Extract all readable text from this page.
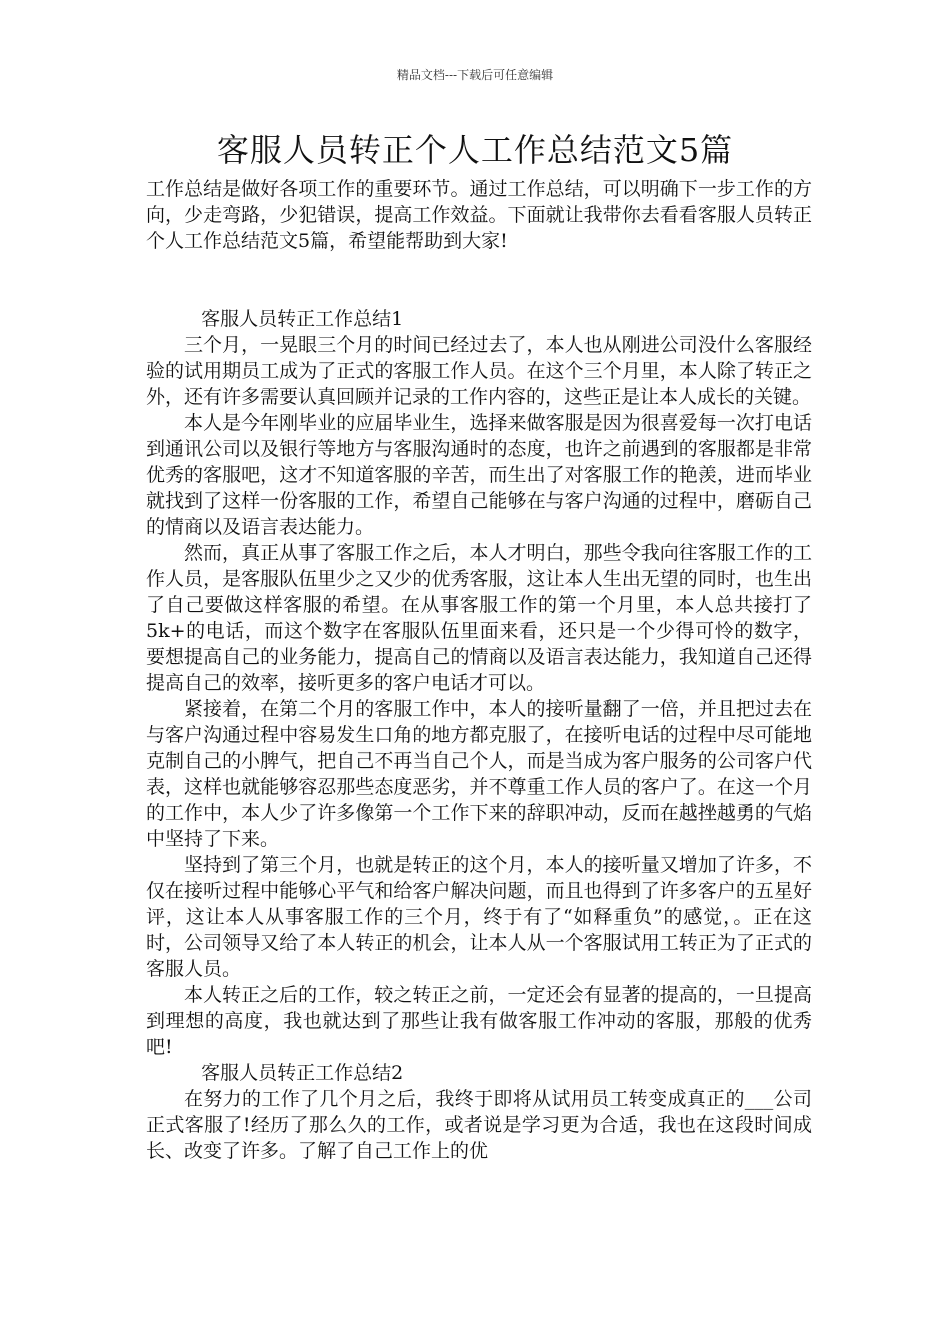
精品文档---下载后可任意编辑
客服人员转正个人工作总结范文5篇

工作总结是做好各项工作的重要环节。通过工作总结，可以明确下一步工作的方向，少走弯路，少犯错误，提高工作效益。下面就让我带你去看看客服人员转正个人工作总结范文5篇，希望能帮助到大家!

客服人员转正工作总结1

三个月，一晃眼三个月的时间已经过去了，本人也从刚进公司没什么客服经验的试用期员工成为了正式的客服工作人员。在这个三个月里，本人除了转正之外，还有许多需要认真回顾并记录的工作内容的，这些正是让本人成长的关键。

本人是今年刚毕业的应届毕业生，选择来做客服是因为很喜爱每一次打电话到通讯公司以及银行等地方与客服沟通时的态度，也许之前遇到的客服都是非常优秀的客服吧，这才不知道客服的辛苦，而生出了对客服工作的艳羡，进而毕业就找到了这样一份客服的工作，希望自己能够在与客户沟通的过程中，磨砺自己的情商以及语言表达能力。

然而，真正从事了客服工作之后，本人才明白，那些令我向往客服工作的工作人员，是客服队伍里少之又少的优秀客服，这让本人生出无望的同时，也生出了自己要做这样客服的希望。在从事客服工作的第一个月里，本人总共接打了5k+的电话，而这个数字在客服队伍里面来看，还只是一个少得可怜的数字，要想提高自己的业务能力，提高自己的情商以及语言表达能力，我知道自己还得提高自己的效率，接听更多的客户电话才可以。

紧接着，在第二个月的客服工作中，本人的接听量翻了一倍，并且把过去在与客户沟通过程中容易发生口角的地方都克服了，在接听电话的过程中尽可能地克制自己的小脾气，把自己不再当自己个人，而是当成为客户服务的公司客户代表，这样也就能够容忍那些态度恶劣，并不尊重工作人员的客户了。在这一个月的工作中，本人少了许多像第一个工作下来的辞职冲动，反而在越挫越勇的气焰中坚持了下来。

坚持到了第三个月，也就是转正的这个月，本人的接听量又增加了许多，不仅在接听过程中能够心平气和给客户解决问题，而且也得到了许多客户的五星好评，这让本人从事客服工作的三个月，终于有了“如释重负”的感觉，。正在这时，公司领导又给了本人转正的机会，让本人从一个客服试用工转正为了正式的客服人员。

本人转正之后的工作，较之转正之前，一定还会有显著的提高的，一旦提高到理想的高度，我也就达到了那些让我有做客服工作冲动的客服，那般的优秀吧!

客服人员转正工作总结2

在努力的工作了几个月之后，我终于即将从试用员工转变成真正的___公司正式客服了!经历了那么久的工作，或者说是学习更为合适，我也在这段时间成长、改变了许多。了解了自己工作上的优
